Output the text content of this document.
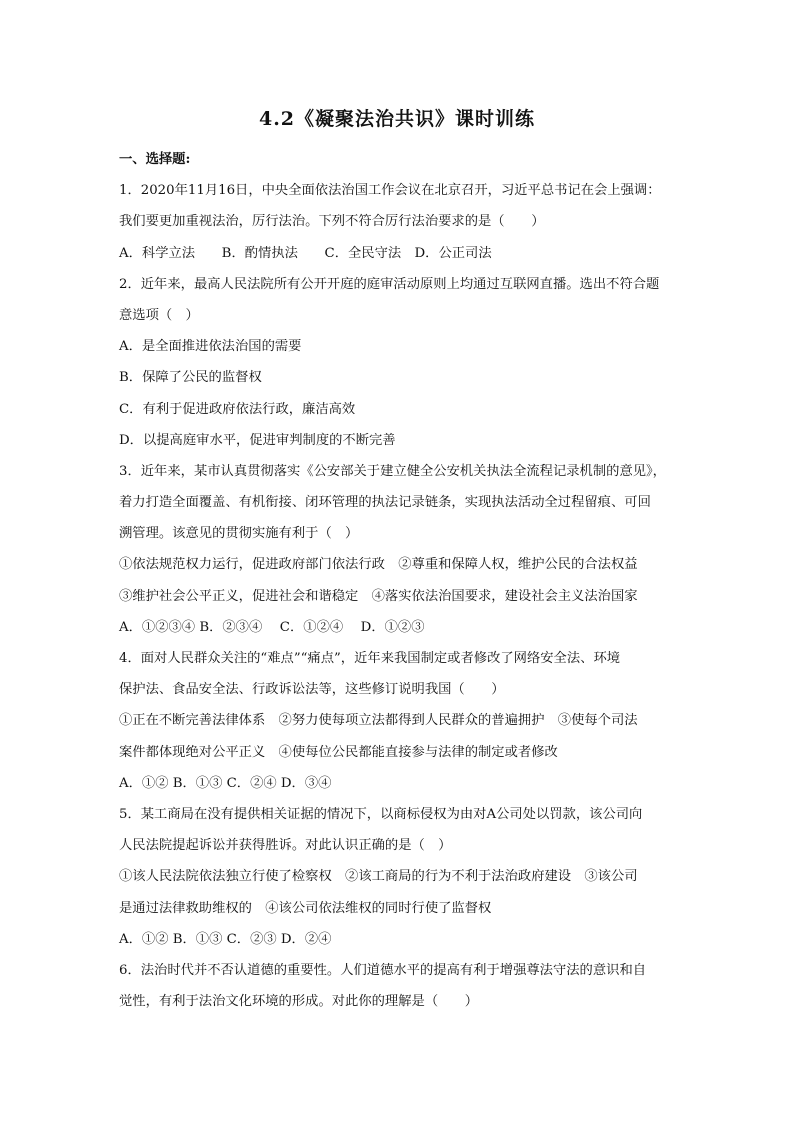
4.2《凝聚法治共识》课时训练
一、选择题:
1．2020年11月16日，中央全面依法治国工作会议在北京召开，习近平总书记在会上强调：
我们要更加重视法治，厉行法治。下列不符合厉行法治要求的是（　　）
A．科学立法　　B．酌情执法　　C．全民守法　D．公正司法
2．近年来，最高人民法院所有公开开庭的庭审活动原则上均通过互联网直播。选出不符合题
意选项（　）
A．是全面推进依法治国的需要
B．保障了公民的监督权
C．有利于促进政府依法行政，廉洁高效
D．以提高庭审水平，促进审判制度的不断完善
3．近年来，某市认真贯彻落实《公安部关于建立健全公安机关执法全流程记录机制的意见》，
着力打造全面覆盖、有机衔接、闭环管理的执法记录链条，实现执法活动全过程留痕、可回
溯管理。该意见的贯彻实施有利于（　）
①依法规范权力运行，促进政府部门依法行政　②尊重和保障人权，维护公民的合法权益
③维护社会公平正义，促进社会和谐稳定　④落实依法治国要求，建设社会主义法治国家
A．①②③④ B．②③④　 C．①②④　 D．①②③
4．面对人民群众关注的“难点”“痛点”，近年来我国制定或者修改了网络安全法、环境
保护法、食品安全法、行政诉讼法等，这些修订说明我国（　　）
①正在不断完善法律体系　②努力使每项立法都得到人民群众的普遍拥护　③使每个司法
案件都体现绝对公平正义　④使每位公民都能直接参与法律的制定或者修改
A．①② B．①③ C．②④ D．③④
5．某工商局在没有提供相关证据的情况下，以商标侵权为由对A公司处以罚款，该公司向
人民法院提起诉讼并获得胜诉。对此认识正确的是（　）
①该人民法院依法独立行使了检察权　②该工商局的行为不利于法治政府建设　③该公司
是通过法律救助维权的　④该公司依法维权的同时行使了监督权
A．①② B．①③ C．②③ D．②④
6．法治时代并不否认道德的重要性。人们道德水平的提高有利于增强尊法守法的意识和自
觉性，有利于法治文化环境的形成。对此你的理解是（　　）
